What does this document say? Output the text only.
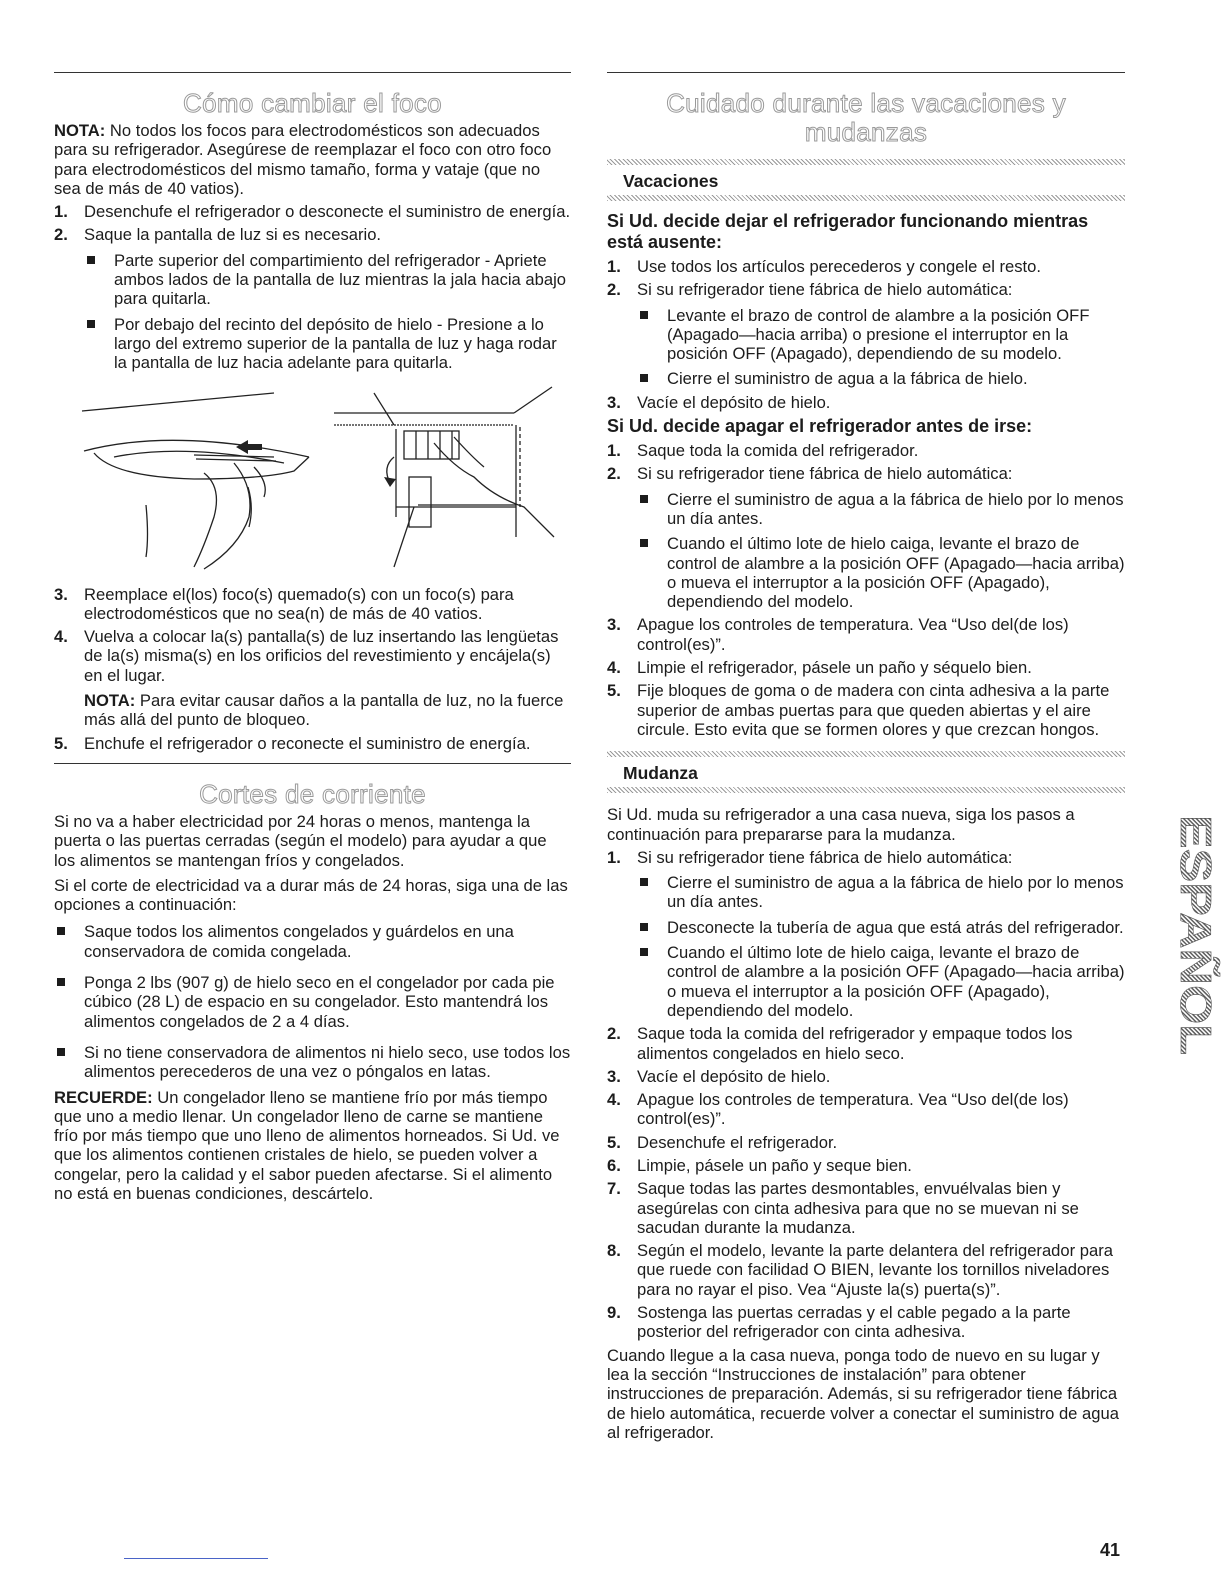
Cómo cambiar el foco

NOTA: No todos los focos para electrodomésticos son adecuados para su refrigerador. Asegúrese de reemplazar el foco con otro foco para electrodomésticos del mismo tamaño, forma y vataje (que no sea de más de 40 vatios).

1. Desenchufe el refrigerador o desconecte el suministro de energía.
2. Saque la pantalla de luz si es necesario.
Parte superior del compartimiento del refrigerador - Apriete ambos lados de la pantalla de luz mientras la jala hacia abajo para quitarla.
Por debajo del recinto del depósito de hielo - Presione a lo largo del extremo superior de la pantalla de luz y haga rodar la pantalla de luz hacia adelante para quitarla.
3. Reemplace el(los) foco(s) quemado(s) con un foco(s) para electrodomésticos que no sea(n) de más de 40 vatios.
4. Vuelva a colocar la(s) pantalla(s) de luz insertando las lengüetas de la(s) misma(s) en los orificios del revestimiento y encájela(s) en el lugar.

NOTA: Para evitar causar daños a la pantalla de luz, no la fuerce más allá del punto de bloqueo.

5. Enchufe el refrigerador o reconecte el suministro de energía.
Cortes de corriente

Si no va a haber electricidad por 24 horas o menos, mantenga la puerta o las puertas cerradas (según el modelo) para ayudar a que los alimentos se mantengan fríos y congelados.

Si el corte de electricidad va a durar más de 24 horas, siga una de las opciones a continuación:

Saque todos los alimentos congelados y guárdelos en una conservadora de comida congelada.
Ponga 2 lbs (907 g) de hielo seco en el congelador por cada pie cúbico (28 L) de espacio en su congelador. Esto mantendrá los alimentos congelados de 2 a 4 días.
Si no tiene conservadora de alimentos ni hielo seco, use todos los alimentos perecederos de una vez o póngalos en latas.

RECUERDE: Un congelador lleno se mantiene frío por más tiempo que uno a medio llenar. Un congelador lleno de carne se mantiene frío por más tiempo que uno lleno de alimentos horneados. Si Ud. ve que los alimentos contienen cristales de hielo, se pueden volver a congelar, pero la calidad y el sabor pueden afectarse. Si el alimento no está en buenas condiciones, descártelo.

Cuidado durante las vacaciones y mudanzas
Vacaciones
Si Ud. decide dejar el refrigerador funcionando mientras está ausente:
1. Use todos los artículos perecederos y congele el resto.
2. Si su refrigerador tiene fábrica de hielo automática:
Levante el brazo de control de alambre a la posición OFF (Apagado—hacia arriba) o presione el interruptor en la posición OFF (Apagado), dependiendo de su modelo.
Cierre el suministro de agua a la fábrica de hielo.
3. Vacíe el depósito de hielo.
Si Ud. decide apagar el refrigerador antes de irse:
1. Saque toda la comida del refrigerador.
2. Si su refrigerador tiene fábrica de hielo automática:
Cierre el suministro de agua a la fábrica de hielo por lo menos un día antes.
Cuando el último lote de hielo caiga, levante el brazo de control de alambre a la posición OFF (Apagado—hacia arriba) o mueva el interruptor a la posición OFF (Apagado), dependiendo del modelo.
3. Apague los controles de temperatura. Vea “Uso del(de los) control(es)”.
4. Limpie el refrigerador, pásele un paño y séquelo bien.
5. Fije bloques de goma o de madera con cinta adhesiva a la parte superior de ambas puertas para que queden abiertas y el aire circule. Esto evita que se formen olores y que crezcan hongos.
Mudanza

Si Ud. muda su refrigerador a una casa nueva, siga los pasos a continuación para prepararse para la mudanza.

1. Si su refrigerador tiene fábrica de hielo automática:
Cierre el suministro de agua a la fábrica de hielo por lo menos un día antes.
Desconecte la tubería de agua que está atrás del refrigerador.
Cuando el último lote de hielo caiga, levante el brazo de control de alambre a la posición OFF (Apagado—hacia arriba) o mueva el interruptor a la posición OFF (Apagado), dependiendo del modelo.
2. Saque toda la comida del refrigerador y empaque todos los alimentos congelados en hielo seco.
3. Vacíe el depósito de hielo.
4. Apague los controles de temperatura. Vea “Uso del(de los) control(es)”.
5. Desenchufe el refrigerador.
6. Limpie, pásele un paño y seque bien.
7. Saque todas las partes desmontables, envuélvalas bien y asegúrelas con cinta adhesiva para que no se muevan ni se sacudan durante la mudanza.
8. Según el modelo, levante la parte delantera del refrigerador para que ruede con facilidad O BIEN, levante los tornillos niveladores para no rayar el piso. Vea “Ajuste la(s) puerta(s)”.
9. Sostenga las puertas cerradas y el cable pegado a la parte posterior del refrigerador con cinta adhesiva.

Cuando llegue a la casa nueva, ponga todo de nuevo en su lugar y lea la sección “Instrucciones de instalación” para obtener instrucciones de preparación. Además, si su refrigerador tiene fábrica de hielo automática, recuerde volver a conectar el suministro de agua al refrigerador.

ESPAÑOL
41
